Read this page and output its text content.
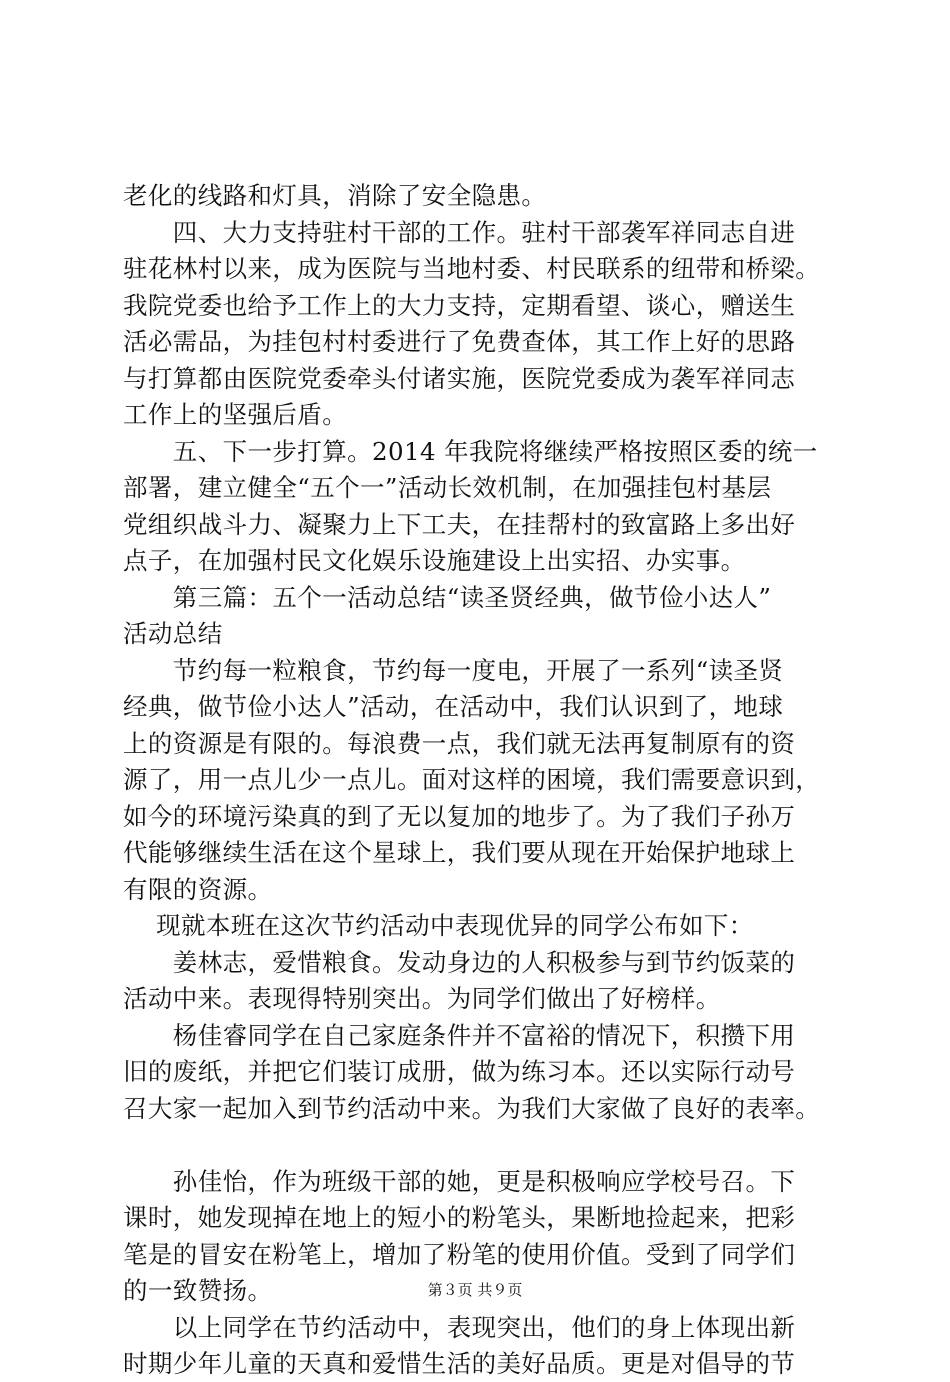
老化的线路和灯具，消除了安全隐患。
　　四、大力支持驻村干部的工作。驻村干部袭军祥同志自进
驻花林村以来，成为医院与当地村委、村民联系的纽带和桥梁。
我院党委也给予工作上的大力支持，定期看望、谈心，赠送生
活必需品，为挂包村村委进行了免费查体，其工作上好的思路
与打算都由医院党委牵头付诸实施，医院党委成为袭军祥同志
工作上的坚强后盾。
　　五、下一步打算。2014 年我院将继续严格按照区委的统一
部署，建立健全“五个一”活动长效机制，在加强挂包村基层
党组织战斗力、凝聚力上下工夫，在挂帮村的致富路上多出好
点子，在加强村民文化娱乐设施建设上出实招、办实事。
　　第三篇：五个一活动总结“读圣贤经典，做节俭小达人”
活动总结
　　节约每一粒粮食，节约每一度电，开展了一系列“读圣贤
经典，做节俭小达人”活动，在活动中，我们认识到了，地球
上的资源是有限的。每浪费一点，我们就无法再复制原有的资
源了，用一点儿少一点儿。面对这样的困境，我们需要意识到，
如今的环境污染真的到了无以复加的地步了。为了我们子孙万
代能够继续生活在这个星球上，我们要从现在开始保护地球上
有限的资源。
　 现就本班在这次节约活动中表现优异的同学公布如下：
　　姜林志，爱惜粮食。发动身边的人积极参与到节约饭菜的
活动中来。表现得特别突出。为同学们做出了好榜样。
　　杨佳睿同学在自己家庭条件并不富裕的情况下，积攒下用
旧的废纸，并把它们装订成册，做为练习本。还以实际行动号
召大家一起加入到节约活动中来。为我们大家做了良好的表率。
　　孙佳怡，作为班级干部的她，更是积极响应学校号召。下
课时，她发现掉在地上的短小的粉笔头，果断地捡起来，把彩
笔是的冒安在粉笔上，增加了粉笔的使用价值。受到了同学们
的一致赞扬。
　　以上同学在节约活动中，表现突出，他们的身上体现出新
时期少年儿童的天真和爱惜生活的美好品质。更是对倡导的节
第３页 共９页
